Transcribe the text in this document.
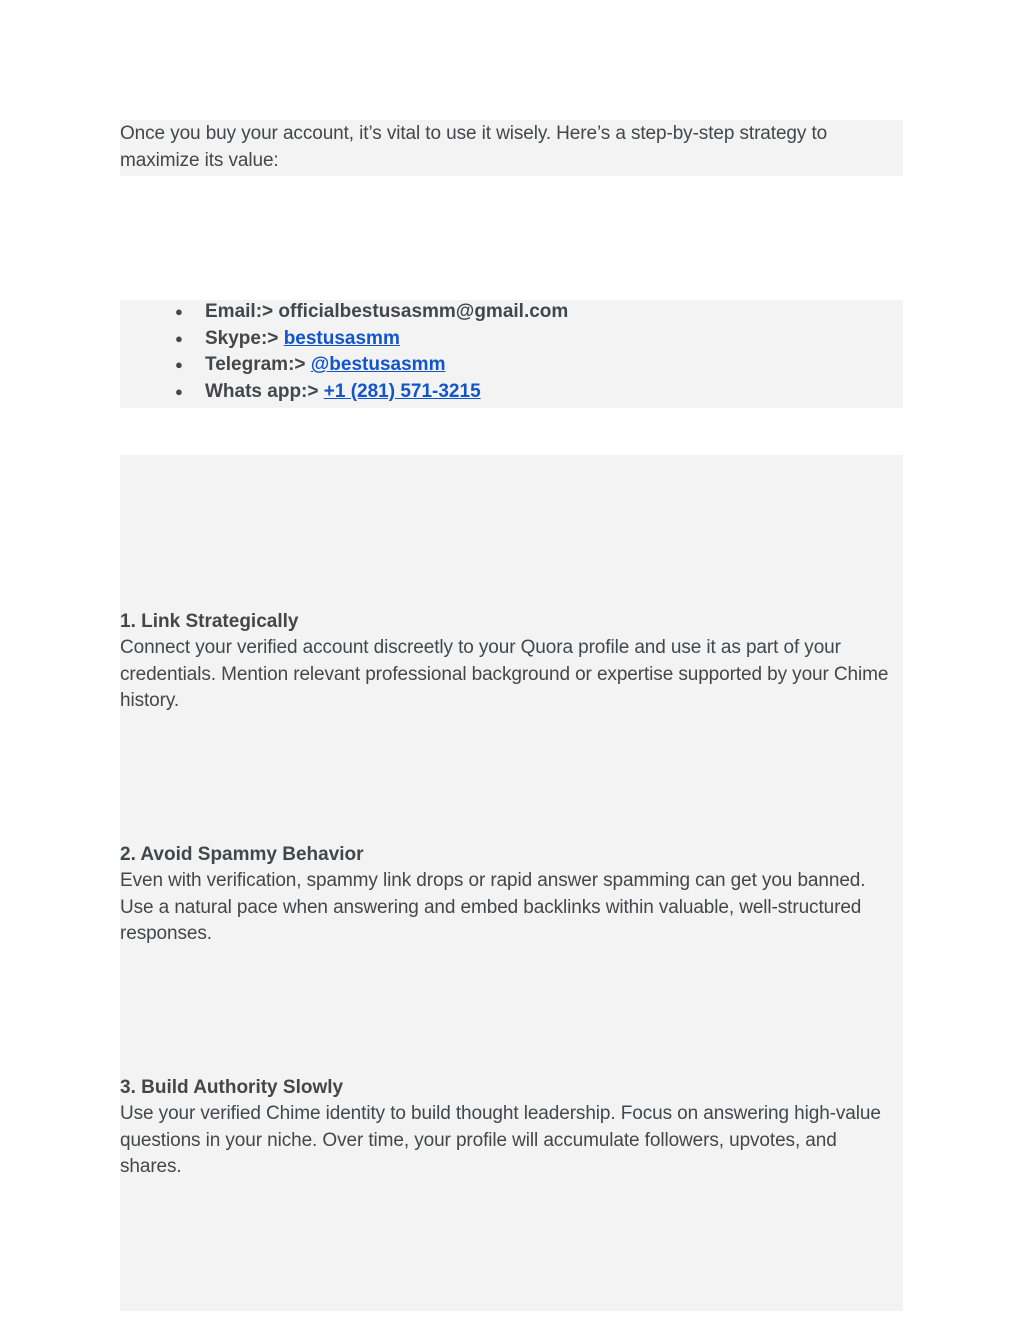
Once you buy your account, it’s vital to use it wisely. Here’s a step-by-step strategy to maximize its value:

● Email:> officialbestusasmm@gmail.com
● Skype:> bestusasmm
● Telegram:> @bestusasmm
● Whats app:> +1 (281) 571-3215
1. Link Strategically

Connect your verified account discreetly to your Quora profile and use it as part of your credentials. Mention relevant professional background or expertise supported by your Chime history.

2. Avoid Spammy Behavior

Even with verification, spammy link drops or rapid answer spamming can get you banned. Use a natural pace when answering and embed backlinks within valuable, well-structured responses.

3. Build Authority Slowly

Use your verified Chime identity to build thought leadership. Focus on answering high-value questions in your niche. Over time, your profile will accumulate followers, upvotes, and shares.
